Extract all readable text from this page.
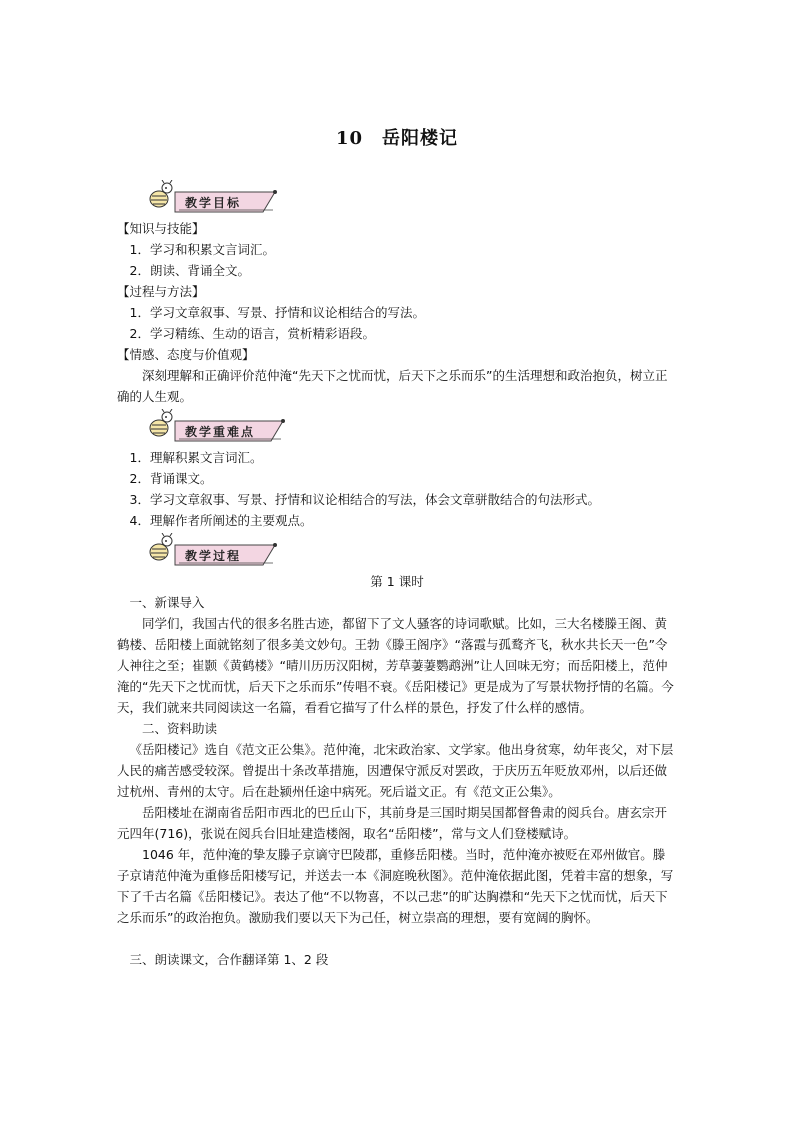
10　岳阳楼记
教学目标

【知识与技能】

1．学习和积累文言词汇。

2．朗读、背诵全文。

【过程与方法】

1．学习文章叙事、写景、抒情和议论相结合的写法。

2．学习精练、生动的语言，赏析精彩语段。

【情感、态度与价值观】

深刻理解和正确评价范仲淹“先天下之忧而忧，后天下之乐而乐”的生活理想和政治抱负，树立正确的人生观。

教学重难点

1．理解积累文言词汇。

2．背诵课文。

3．学习文章叙事、写景、抒情和议论相结合的写法，体会文章骈散结合的句法形式。

4．理解作者所阐述的主要观点。

教学过程

第 1 课时

一、新课导入

同学们，我国古代的很多名胜古迹，都留下了文人骚客的诗词歌赋。比如，三大名楼滕王阁、黄鹤楼、岳阳楼上面就铭刻了很多美文妙句。王勃《滕王阁序》“落霞与孤鹜齐飞，秋水共长天一色”令人神往之至；崔颢《黄鹤楼》“晴川历历汉阳树，芳草萋萋鹦鹉洲”让人回味无穷；而岳阳楼上，范仲淹的“先天下之忧而忧，后天下之乐而乐”传唱不衰。《岳阳楼记》更是成为了写景状物抒情的名篇。今天，我们就来共同阅读这一名篇，看看它描写了什么样的景色，抒发了什么样的感情。

二、资料助读

《岳阳楼记》选自《范文正公集》。范仲淹，北宋政治家、文学家。他出身贫寒，幼年丧父，对下层人民的痛苦感受较深。曾提出十条改革措施，因遭保守派反对罢政，于庆历五年贬放邓州，以后还做过杭州、青州的太守。后在赴颍州任途中病死。死后谥文正。有《范文正公集》。

岳阳楼址在湖南省岳阳市西北的巴丘山下，其前身是三国时期吴国都督鲁肃的阅兵台。唐玄宗开元四年(716)，张说在阅兵台旧址建造楼阁，取名“岳阳楼”，常与文人们登楼赋诗。

1046 年，范仲淹的挚友滕子京谪守巴陵郡，重修岳阳楼。当时，范仲淹亦被贬在邓州做官。滕子京请范仲淹为重修岳阳楼写记，并送去一本《洞庭晚秋图》。范仲淹依据此图，凭着丰富的想象，写下了千古名篇《岳阳楼记》。表达了他“不以物喜，不以己悲”的旷达胸襟和“先天下之忧而忧，后天下之乐而乐”的政治抱负。激励我们要以天下为己任，树立崇高的理想，要有宽阔的胸怀。

三、朗读课文，合作翻译第 1、2 段
